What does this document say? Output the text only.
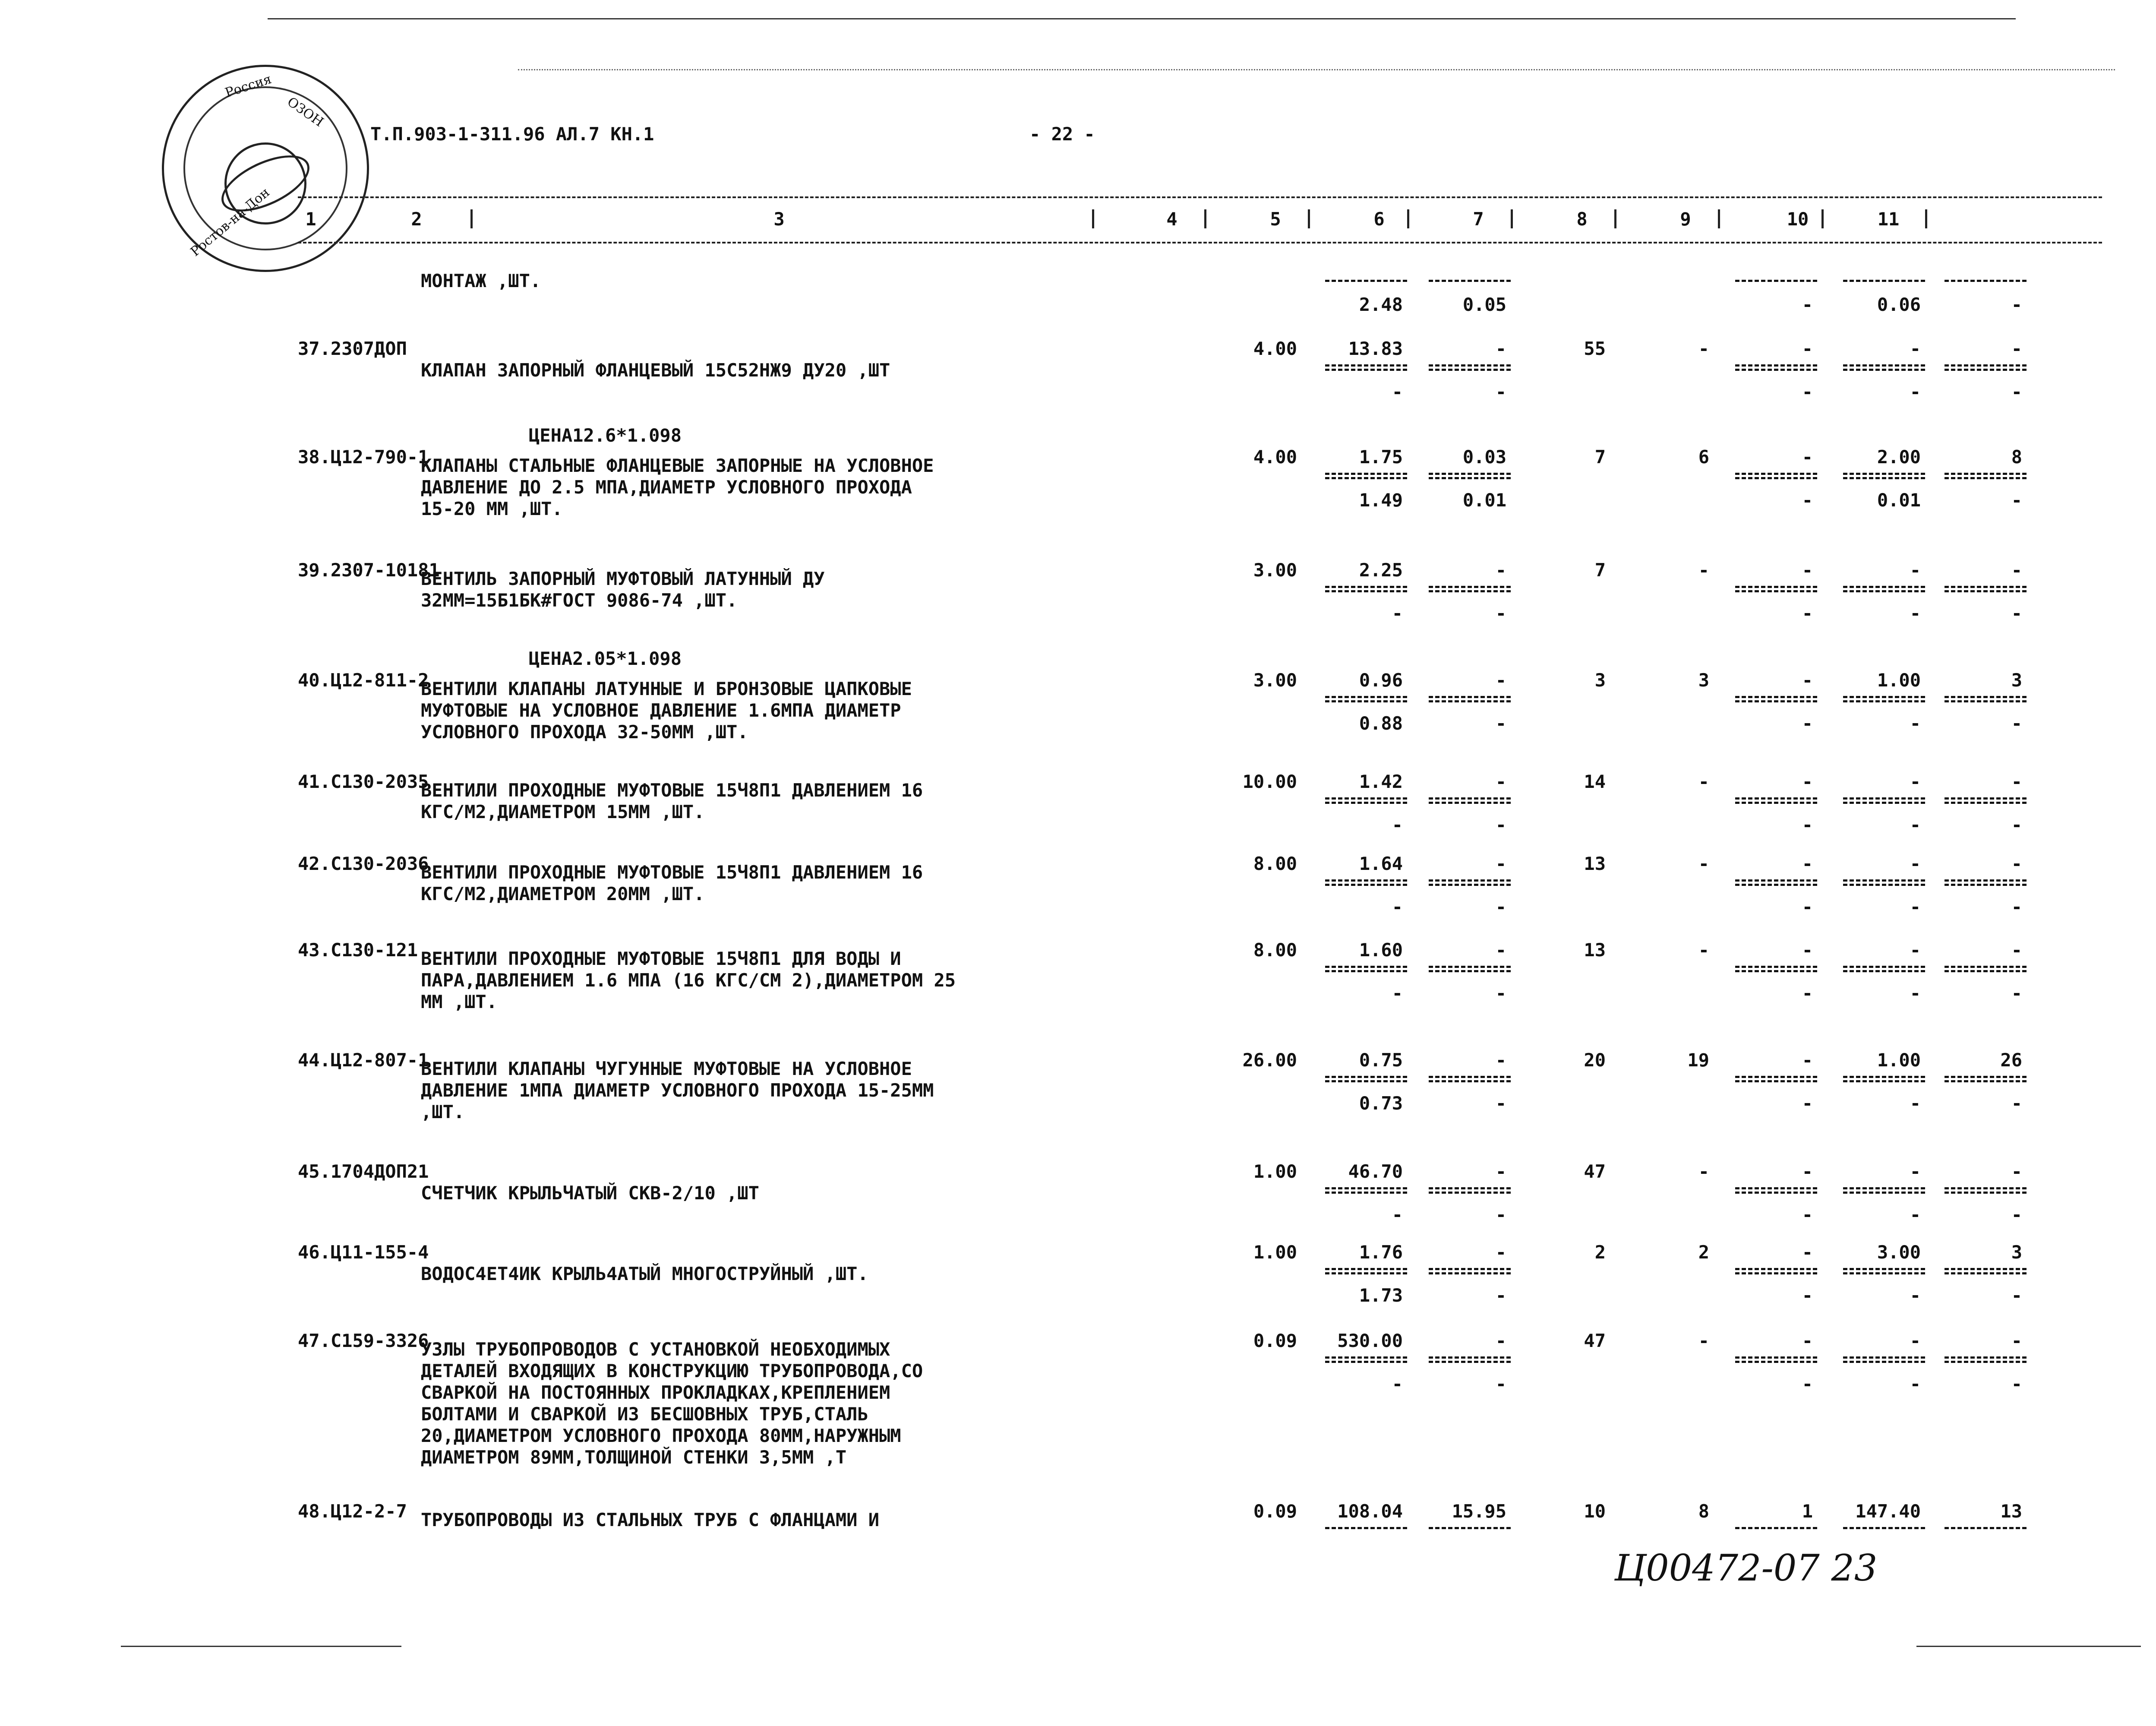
Россия
ОЗОН
Ростов-на-Дон
Т.П.903-1-311.96 АЛ.7 КН.1	- 22 -
Ц00472-07 23
1	2	3	4	5	6	7	8	9	10	11
МОНТАЖ ,ШТ.
2.48	0.05	-	0.06	-
37.2307ДОП
КЛАПАН ЗАПОРНЫЙ ФЛАНЦЕВЫЙ 15С52НЖ9 ДУ20 ,ШТ
4.00	13.83	-	55	-	-	-	-
-	-	-	-	-
ЦЕНА12.6*1.098
38.Ц12-790-1
КЛАПАНЫ СТАЛЬНЫЕ ФЛАНЦЕВЫЕ ЗАПОРНЫЕ НА УСЛОВНОЕ
ДАВЛЕНИЕ ДО 2.5 МПА,ДИАМЕТР УСЛОВНОГО ПРОХОДА
15-20 ММ ,ШТ.
4.00	1.75	0.03	7	6	-	2.00	8
1.49	0.01	-	0.01	-
39.2307-10181
ВЕНТИЛЬ ЗАПОРНЫЙ МУФТОВЫЙ ЛАТУННЫЙ ДУ
32ММ=15Б1БК#ГОСТ 9086-74 ,ШТ.
3.00	2.25	-	7	-	-	-	-
-	-	-	-	-
ЦЕНА2.05*1.098
40.Ц12-811-2
ВЕНТИЛИ КЛАПАНЫ ЛАТУННЫЕ И БРОНЗОВЫЕ ЦАПКОВЫЕ
МУФТОВЫЕ НА УСЛОВНОЕ ДАВЛЕНИЕ 1.6МПА ДИАМЕТР
УСЛОВНОГО ПРОХОДА 32-50ММ ,ШТ.
3.00	0.96	-	3	3	-	1.00	3
0.88	-	-	-	-
41.С130-2035
ВЕНТИЛИ ПРОХОДНЫЕ МУФТОВЫЕ 15Ч8П1 ДАВЛЕНИЕМ 16
КГС/М2,ДИАМЕТРОМ 15ММ ,ШТ.
10.00	1.42	-	14	-	-	-	-
-	-	-	-	-
42.С130-2036
ВЕНТИЛИ ПРОХОДНЫЕ МУФТОВЫЕ 15Ч8П1 ДАВЛЕНИЕМ 16
КГС/М2,ДИАМЕТРОМ 20ММ ,ШТ.
8.00	1.64	-	13	-	-	-	-
-	-	-	-	-
43.С130-121 ВЕНТИЛИ ПРОХОДНЫЕ МУФТОВЫЕ 15Ч8П1 ДЛЯ ВОДЫ И
ПАРА,ДАВЛЕНИЕМ 1.6 МПА (16 КГС/СМ 2),ДИАМЕТРОМ 25
ММ ,ШТ.
8.00	1.60	-	13	-	-	-	-
-	-	-	-	-
44.Ц12-807-1
ВЕНТИЛИ КЛАПАНЫ ЧУГУННЫЕ МУФТОВЫЕ НА УСЛОВНОЕ
ДАВЛЕНИЕ 1МПА ДИАМЕТР УСЛОВНОГО ПРОХОДА 15-25ММ
,ШТ.
26.00	0.75	-	20	19	-	1.00	26
0.73	-	-	-	-
45.1704ДОП21
СЧЕТЧИК КРЫЛЬЧАТЫЙ СКВ-2/10 ,ШТ
1.00	46.70	-	47	-	-	-	-
-	-	-	-	-
46.Ц11-155-4
ВОДОС4ЕТ4ИК КРЫЛЬ4АТЫЙ МНОГОСТРУЙНЫЙ ,ШТ.
1.00	1.76	-	2	2	-	3.00	3
1.73	-	-	-	-
47.С159-3326
УЗЛЫ ТРУБОПРОВОДОВ С УСТАНОВКОЙ НЕОБХОДИМЫХ
ДЕТАЛЕЙ ВХОДЯЩИХ В КОНСТРУКЦИЮ ТРУБОПРОВОДА,СО
СВАРКОЙ НА ПОСТОЯННЫХ ПРОКЛАДКАХ,КРЕПЛЕНИЕМ
БОЛТАМИ И СВАРКОЙ ИЗ БЕСШОВНЫХ ТРУБ,СТАЛЬ
20,ДИАМЕТРОМ УСЛОВНОГО ПРОХОДА 80ММ,НАРУЖНЫМ
ДИАМЕТРОМ 89ММ,ТОЛЩИНОЙ СТЕНКИ 3,5ММ ,Т
0.09	530.00	-	47	-	-	-	-
-	-	-	-	-
48.Ц12-2-7 ТРУБОПРОВОДЫ ИЗ СТАЛЬНЫХ ТРУБ С ФЛАНЦАМИ И	0.09	108.04	15.95	10	8	1	147.40	13
